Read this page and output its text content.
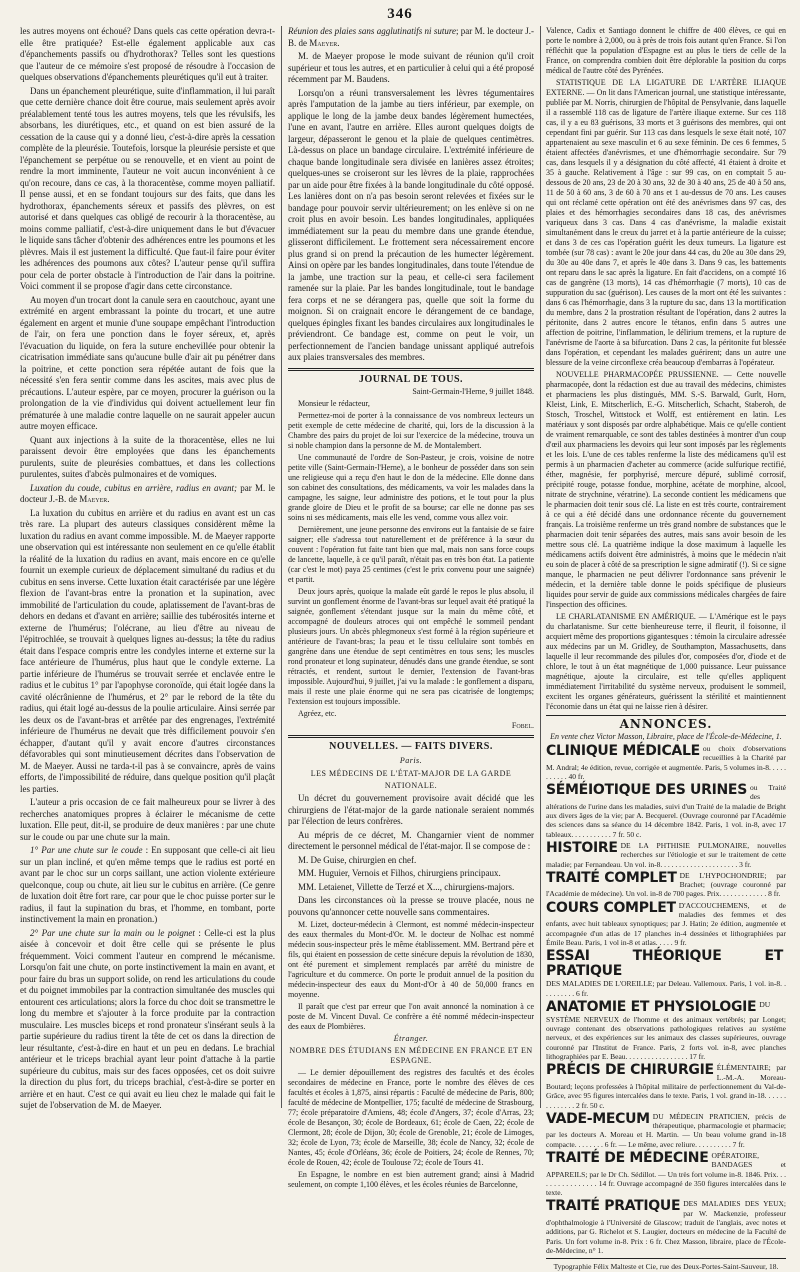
346

les autres moyens ont échoué? Dans quels cas cette opération devra-t-elle être pratiquée? Est-elle également applicable aux cas d'épanchements passifs ou d'hydrothorax? Telles sont les questions que l'auteur de ce mémoire s'est proposé de résoudre à l'occasion de quelques observations d'épanchements pleurétiques qu'il eut à traiter.

Dans un épanchement pleurétique, suite d'inflammation, il lui paraît que cette dernière chance doit être courue, mais seulement après avoir préalablement tenté tous les autres moyens, tels que les révulsifs, les absorbans, les diurétiques, etc., et quand on est bien assuré de la cessation de la cause qui y a donné lieu, c'est-à-dire après la cessation complète de la pleurésie. Toutefois, lorsque la pleurésie persiste et que l'épanchement se perpétue ou se renouvelle, et en vient au point de rendre la mort imminente, l'auteur ne voit aucun inconvénient à ce qu'on recoure, dans ce cas, à la thoracentèse, comme moyen palliatif. Il pense aussi, et en se fondant toujours sur des faits, que dans les hydrothorax, épanchements séreux et passifs des plèvres, on est autorisé et dans quelques cas obligé de recourir à la thoracentèse, au moins comme palliatif, c'est-à-dire uniquement dans le but d'évacuer le liquide sans tâcher d'obtenir des adhérences entre les poumons et les plèvres. Mais il est justement la difficulté. Que faut-il faire pour éviter les adhérences des poumons aux côtes? L'auteur pense qu'il suffira pour cela de porter obstacle à l'introduction de l'air dans la poitrine. Voici comment il se propose d'agir dans cette circonstance.

Au moyen d'un trocart dont la canule sera en caoutchouc, ayant une extrémité en argent embrassant la pointe du trocart, et une autre également en argent et munie d'une soupape empêchant l'introduction de l'air, on fera une ponction dans le foyer séreux, et, après l'évacuation du liquide, on fera la suture enchevillée pour obtenir la cicatrisation immédiate sans qu'aucune bulle d'air ait pu pénétrer dans la poitrine, et cette ponction sera répétée autant de fois que la nécessité s'en fera sentir comme dans les ascites, mais avec plus de précautions. L'auteur espère, par ce moyen, procurer la guérison ou la prolongation de la vie d'individus qui doivent actuellement leur fin prématurée à une maladie contre laquelle on ne saurait appeler aucun autre moyen efficace.

Quant aux injections à la suite de la thoracentèse, elles ne lui paraissent devoir être employées que dans les épanchements purulents, suite de pleurésies combattues, et dans les collections purulentes, suites d'abcès pulmonaires et de vomiques.

Luxation du coude, cubitus en arrière, radius en avant; par M. le docteur J.-B. de Maeyer.

La luxation du cubitus en arrière et du radius en avant est un cas très rare. La plupart des auteurs classiques considèrent même la luxation du radius en avant comme impossible. M. de Maeyer rapporte une observation qui est intéressante non seulement en ce qu'elle établit la réalité de la luxation du radius en avant, mais encore en ce qu'elle fournit un exemple curieux de déplacement simultané du radius et du cubitus en sens inverse. Cette luxation était caractérisée par une légère flexion de l'avant-bras entre la pronation et la supination, avec immobilité de l'articulation du coude, aplatissement de l'avant-bras de dehors en dedans et d'avant en arrière; saillie des tubérosités interne et externe de l'humérus; l'olécrane, au lieu d'être au niveau de l'épitrochlée, se trouvait à quelques lignes au-dessus; la tête du radius était dans l'espace compris entre les condyles interne et externe sur la face antérieure de l'humérus, plus haut que le condyle externe. La partie inférieure de l'humérus se trouvait serrée et enclavée entre le radius et le cubitus 1° par l'apophyse coronoïde, qui était logée dans la cavité olécrânienne de l'humérus, et 2° par le rebord de la tête du radius, qui était logé au-dessus de la poulie articulaire. Ainsi serrée par les deux os de l'avant-bras et arrêtée par des engrenages, l'extrémité inférieure de l'humérus ne devait que très difficilement pouvoir s'en échapper, d'autant qu'il y avait encore d'autres circonstances défavorables qui sont minutieusement décrites dans l'observation de M. de Maeyer. Aussi ne tarda-t-il pas à se convaincre, après de vains efforts, de l'impossibilité de réduire, dans quelque position qu'il plaçât les parties.

L'auteur a pris occasion de ce fait malheureux pour se livrer à des recherches anatomiques propres à éclairer le mécanisme de cette luxation. Elle peut, dit-il, se produire de deux manières : par une chute sur le coude ou par une chute sur la main.

1° Par une chute sur le coude : En supposant que celle-ci ait lieu sur un plan incliné, et qu'en même temps que le radius est porté en avant par le choc sur un corps saillant, une action violente extérieure quelconque, coup ou chute, ait lieu sur le cubitus en arrière. (Ce genre de luxation doit être fort rare, car pour que le choc puisse porter sur le radius, il faut la supination du bras, et l'homme, en tombant, porte instinctivement la main en pronation.)

2° Par une chute sur la main ou le poignet : Celle-ci est la plus aisée à concevoir et doit être celle qui se présente le plus fréquemment. Voici comment l'auteur en comprend le mécanisme. Lorsqu'on fait une chute, on porte instinctivement la main en avant, et pour faire du bras un support solide, on rend les articulations du coude et du poignet immobiles par la contraction simultanée des muscles qui entourent ces articulations; alors la force du choc doit se transmettre le long du membre et s'ajouter à la force produite par la contraction musculaire. Les muscles biceps et rond pronateur s'insérant seuls à la partie supérieure du radius tirent la tête de cet os dans la direction de leur résultante, c'est-à-dire en haut et un peu en dedans. Le brachial antérieur et le triceps brachial ayant leur point d'attache à la partie supérieure du cubitus, mais sur des faces opposées, cet os doit suivre la direction du plus fort, du triceps brachial, c'est-à-dire se porter en arrière et en haut. C'est ce qui avait eu lieu chez le malade qui fait le sujet de l'observation de M. de Maeyer.

Réunion des plaies sans agglutinatifs ni suture; par M. le docteur J.-B. de Maeyer.

M. de Maeyer propose le mode suivant de réunion qu'il croit supérieur et tous les autres, et en particulier à celui qui a été proposé récemment par M. Baudens.

Lorsqu'on a réuni transversalement les lèvres tégumentaires après l'amputation de la jambe au tiers inférieur, par exemple, on applique le long de la jambe deux bandes légèrement humectées, l'une en avant, l'autre en arrière. Elles auront quelques doigts de largeur, dépasseront le genou et la plaie de quelques centimètres. Là-dessus on place un bandage circulaire. L'extrémité inférieure de chaque bande longitudinale sera divisée en lanières assez étroites; quelques-unes se croiseront sur les lèvres de la plaie, rapprochées par un aide pour être fixées à la bande longitudinale du côté opposé. Les lanières dont on n'a pas besoin seront relevées et fixées sur le bandage pour pouvoir servir ultérieurement; on les enlève si on ne croit plus en avoir besoin. Les bandes longitudinales, appliquées immédiatement sur la peau du membre dans une grande étendue, glisseront difficilement. Le frottement sera nécessairement encore plus grand si on prend la précaution de les humecter légèrement. Ainsi on opère par les bandes longitudinales, dans toute l'étendue de la jambe, une traction sur la peau, et celle-ci sera facilement ramenée sur la plaie. Par les bandes longitudinale, tout le bandage fera corps et ne se dérangera pas, quelle que soit la forme du moignon. Si on craignait encore le dérangement de ce bandage, quelques épingles fixant les bandes circulaires aux longitudinales le préviendront. Ce bandage est, comme on peut le voir, un perfectionnement de l'ancien bandage unissant appliqué autrefois aux plaies transversales des membres.

JOURNAL DE TOUS.

Saint-Germain-l'Herne, 9 juillet 1848.

Monsieur le rédacteur,

Permettez-moi de porter à la connaissance de vos nombreux lecteurs un petit exemple de cette médecine de charité, qui, lors de la discussion à la Chambre des pairs du projet de loi sur l'exercice de la médecine, trouva un si noble champion dans la personne de M. de Montalembert.

Une communauté de l'ordre de Son-Pasteur, je crois, voisine de notre petite ville (Saint-Germain-l'Herne), a le bonheur de posséder dans son sein une religieuse qui a reçu d'en haut le don de la médecine. Elle donne dans son cabinet des consultations, des médicaments, va voir les malades dans la campagne, les saigne, leur administre des potions, et le tout pour la plus grande gloire de Dieu et le profit de sa bourse; car elle ne donne pas ses soins ni ses médicaments, mais elle les vend, comme vous allez voir.

Dernièrement, une jeune personne des environs eut la fantaisie de se faire saigner; elle s'adressa tout naturellement et de préférence à la sœur du couvent : l'opération fut faite tant bien que mal, mais non sans force coups de lancette, laquelle, à ce qu'il paraît, n'était pas en très bon état. La patiente (car c'est le mot) paya 25 centimes (c'est le prix convenu pour une saignée) et partit.

Deux jours après, quoique la malade eût gardé le repos le plus absolu, il survint un gonflement énorme de l'avant-bras sur lequel avait été pratiqué la saignée, gonflement s'étendant jusque sur la main du même côté, et accompagné de douleurs atroces qui ont empêché le sommeil pendant plusieurs jours. Un abcès phlegmoneux s'est formé à la région supérieure et antérieure de l'avant-bras; la peau et le tissu cellulaire sont tombés en gangrène dans une étendue de sept centimètres en tous sens; les muscles rond pronateur et long supinateur, dénudés dans une grande étendue, se sont rétractés, et rendent, surtout le dernier, l'extension de l'avant-bras impossible. Aujourd'hui, 9 juillet, j'ai vu la malade : le gonflement a disparu, mais il reste une plaie énorme qui ne sera pas cicatrisée de longtemps; l'extension est toujours impossible.

Agréez, etc.

Fobel.

NOUVELLES. — FAITS DIVERS.
Paris.
LES MÉDECINS DE L'ÉTAT-MAJOR DE LA GARDE NATIONALE.

Un décret du gouvernement provisoire avait décidé que les chirurgiens de l'état-major de la garde nationale seraient nommés par l'élection de leurs confrères.

Au mépris de ce décret, M. Changarnier vient de nommer directement le personnel médical de l'état-major. Il se compose de :

M. De Guise, chirurgien en chef.

MM. Huguier, Vernois et Filhos, chirurgiens principaux.

MM. Letaienet, Villette de Terzé et X..., chirurgiens-majors.

Dans les circonstances où la presse se trouve placée, nous ne pouvons qu'annoncer cette nouvelle sans commentaires.

M. Lizet, docteur-médecin à Clermont, est nommé médecin-inspecteur des eaux thermales du Mont-d'Or. M. le docteur de Nolhac est nommé médecin sous-inspecteur près le même établissement. MM. Bertrand père et fils, qui étaient en possession de cette sinécure depuis la révolution de 1830, ont été purement et simplement remplacés par arrêté du ministre de l'agriculture et du commerce. On porte le produit annuel de la position du médecin-inspecteur des eaux du Mont-d'Or à 40 de 50,000 francs en moyenne.

Il paraît que c'est par erreur que l'on avait annoncé la nomination à ce poste de M. Vincent Duval. Ce confrère a été nommé médecin-inspecteur des eaux de Plombières.

Étranger.
NOMBRE DES ÉTUDIANS EN MÉDECINE EN FRANCE ET EN ESPAGNE.

— Le dernier dépouillement des registres des facultés et des écoles secondaires de médecine en France, porte le nombre des élèves de ces facultés et écoles à 1,875, ainsi répartis : Faculté de médecine de Paris, 800; faculté de médecine de Montpellier, 175; faculté de médecine de Strasbourg, 77; école préparatoire d'Amiens, 48; école d'Angers, 37; école d'Arras, 23; école de Besançon, 30; école de Bordeaux, 61; école de Caen, 22; école de Clermont, 28; école de Dijon, 30; école de Grenoble, 21; école de Limoges, 32; école de Lyon, 73; école de Marseille, 38; école de Nancy, 32; école de Nantes, 45; école d'Orléans, 36; école de Poitiers, 24; école de Rennes, 70; école de Rouen, 42; école de Toulouse 72; école de Tours 41.

En Espagne, le nombre en est bien autrement grand; ainsi à Madrid seulement, on compte 1,100 élèves, et les écoles réunies de Barcelonne,

Valence, Cadix et Santiago donnent le chiffre de 400 élèves, ce qui en porte le nombre à 2,000, ou à près de trois fois autant qu'en France. Si l'on réfléchit que la population d'Espagne est au plus le tiers de celle de la France, on comprendra combien doit être déplorable la position du corps médical de l'autre côté des Pyrénées.

STATISTIQUE DE LA LIGATURE DE L'ARTÈRE ILIAQUE EXTERNE. — On lit dans l'American journal, une statistique intéressante, publiée par M. Norris, chirurgien de l'hôpital de Pensylvanie, dans laquelle il a rassemblé 118 cas de ligature de l'artère iliaque externe. Sur ces 118 cas, il y a eu 83 guérisons, 33 morts et 3 guérisons des membres, qui ont cependant fini par guérir. Sur 113 cas dans lesquels le sexe était noté, 107 appartenaient au sexe masculin et 6 au sexe féminin. De ces 6 femmes, 5 étaient affectées d'anévrismes, et une d'hémorrhagie secondaire. Sur 79 cas, dans lesquels il y a désignation du côté affecté, 41 étaient à droite et 35 à gauche. Relativement à l'âge : sur 99 cas, on en comptait 5 au-dessous de 20 ans, 23 de 20 à 30 ans, 32 de 30 à 40 ans, 25 de 40 à 50 ans, 11 de 50 à 60 ans, 3 de 60 à 70 ans et 1 au-dessus de 70 ans. Les causes qui ont réclamé cette opération ont été des anévrismes dans 97 cas, des plaies et des hémorrhagies secondaires dans 18 cas, des anévrismes variqueux dans 3 cas. Dans 4 cas d'anévrisme, la maladie existait simultanément dans le creux du jarret et à la partie antérieure de la cuisse; et dans 3 de ces cas l'opération guérit les deux tumeurs. La ligature est tombée (sur 78 cas) : avant le 20e jour dans 44 cas, du 20e au 30e dans 29, du 30e au 40e dans 7, et après le 40e dans 3. Dans 9 cas, les battements ont reparu dans le sac après la ligature. En fait d'accidens, on a compté 16 cas de gangrène (13 morts), 14 cas d'hémorrhagie (7 morts), 10 cas de suppuration du sac (guérison). Les causes de la mort ont été les suivantes : dans 6 cas l'hémorrhagie, dans 3 la rupture du sac, dans 13 la mortification du membre, dans 2 la prostration résultant de l'opération, dans 2 autres la péritonite, dans 2 autres encore le tétanos, enfin dans 5 autres une affection de poitrine, l'inflammation, le délirium tremens, et la rupture de l'anévrisme de l'aorte à sa bifurcation. Dans 2 cas, la péritonite fut blessée dans l'opération, et cependant les malades guérirent; dans un autre une blessure de la veine circonflexe créa beaucoup d'embarras à l'opérateur.

NOUVELLE PHARMACOPÉE PRUSSIENNE. — Cette nouvelle pharmacopée, dont la rédaction est due au travail des médecins, chimistes et pharmaciens les plus distingués, MM. S.-S. Barwald, Gurlt, Horn, Kleist, Link, E. Mitscherlich, E.-G. Mitscherlich, Schacht, Staberoh, de Stosch, Troschel, Wittstock et Wolff, est entièrement en latin. Les matériaux y sont disposés par ordre alphabétique. Mais ce qu'elle contient de vraiment remarquable, ce sont des tables destinées à montrer d'un coup d'œil aux pharmaciens les devoirs qui leur sont imposés par les règlements et les lois. L'une de ces tables renferme la liste des médicamens qu'il est permis à un pharmacien d'acheter au commerce (acide sulfurique rectifié, éther, magnésie, fer porphyrisé, mercure dépuré, sublimé corrosif, précipité rouge, potasse fondue, morphine, acétate de morphine, alcool, nitrate de strychnine, vératrine). La seconde contient les médicamens que le pharmacien doit tenir sous clé. La liste en est très courte, contrairement à ce qui a été décidé dans une ordonnance récente du gouvernement français. La troisième renferme un très grand nombre de substances que le pharmacien doit tenir séparées des autres, mais sans avoir besoin de les mettre sous clé. La quatrième indique la dose maximum à laquelle les médicamens actifs doivent être administrés, à moins que le médecin n'ait eu soin de placer à côté de sa prescription le signe admiratif (!). Si ce signe manque, le pharmacien ne peut délivrer l'ordonnance sans prévenir le médecin, et la dernière table donne le poids spécifique de plusieurs liquides pour servir de guide aux commissions médicales chargées de faire l'inspection des officines.

LE CHARLATANISME EN AMÉRIQUE. — L'Amérique est le pays du charlatanisme. Sur cette bienheureuse terre, il fleurit, il foisonne, il acquiert même des proportions gigantesques : témoin la circulaire adressée aux médecins par un M. Gridley, de Southampton, Massachusetts, dans laquelle il leur recommande des pilules d'or, composées d'or, d'iode et de chlore, le tout à un état magnétique de 1,000 puissance. Leur puissance magnétique, ajoute la circulaire, est telle qu'elles appliquent immédiatement l'irritabilité du système nerveux, produisent le sommeil, excitent les organes générateurs, guérissent la stérilité et maintiennent l'économie dans un état qui ne laisse rien à désirer.

ANNONCES.

En vente chez Victor Masson, Libraire, place de l'École-de-Médecine, 1.

CLINIQUE MÉDICALE ou choix d'observations recueillies à la Charité par M. Andral; 4e édition, revue, corrigée et augmentée. Paris, 5 volumes in-8. . . . . . . . . . . 40 fr.
SÉMÉIOTIQUE DES URINES ou Traité des altérations de l'urine dans les maladies, suivi d'un Traité de la maladie de Bright aux divers âges de la vie; par A. Becquerel. (Ouvrage couronné par l'Académie des sciences dans sa séance du 14 décembre 1842. Paris, 1 vol. in-8, avec 17 tableaux. . . . . . . . . . . 7 fr. 50 c.
HISTOIRE DE LA PHTHISIE PULMONAIRE, nouvelles recherches sur l'étiologie et sur le traitement de cette maladie; par Fernandeau. Un vol. in-8. . . . . . . . . . . . . . . . . . . . . 3 fr.
TRAITÉ COMPLET DE L'HYPOCHONDRIE; par Brachet; (ouvrage couronné par l'Académie de médecine). Un vol. in-8 de 700 pages. Prix. . . . . . . . . . . . . 8 fr.
COURS COMPLET D'ACCOUCHEMENS, et de maladies des femmes et des enfants, avec huit tableaux synoptiques; par J. Hatin; 2e édition, augmentée et accompagnée d'un atlas de 17 planches in-4 dessinées et lithographiées par Émile Beau. Paris, 1 vol in-8 et atlas. . . . . 9 fr.
ESSAI THÉORIQUE ET PRATIQUE
DES MALADIES DE L'OREILLE; par Deleau. Vallemoux. Paris, 1 vol. in-8. . . . . . . . . . 6 fr.
ANATOMIE ET PHYSIOLOGIE DU SYSTÈME NERVEUX de l'homme et des animaux vertébrés; par Longet; ouvrage contenant des observations pathologiques relatives au système nerveux, et des expériences sur les animaux des classes supérieures, ouvrage couronné par l'Institut de France. Paris, 2 forts vol. in-8, avec planches lithographiées par E. Beau. . . . . . . . . . . . . . . . . 17 fr.
PRÉCIS DE CHIRURGIE ÉLÉMENTAIRE; par L.-M.-A. Moreau-Boutard; leçons professées à l'hôpital militaire de perfectionnement du Val-de-Grâce, avec 95 figures intercalées dans le texte. Paris, 1 vol. grand in-18. . . . . . . . . . . . . . 2 fr. 50 c.
VADE-MECUM DU MÉDECIN PRATICIEN, précis de thérapeutique, pharmacologie et pharmacie; par les docteurs A. Moreau et H. Martin. — Un beau volume grand in-18 compacte. . . . . . . . 6 fr. — Le même, avec reliure. . . . . . . . . . 7 fr.
TRAITÉ DE MÉDECINE OPÉRATOIRE, BANDAGES et APPAREILS; par le Dr Ch. Sédillot. — Un très fort volume in-8. 1846. Prix. . . . . . . . . . . . . . . . 14 fr. Ouvrage accompagné de 350 figures intercalées dans le texte.
TRAITÉ PRATIQUE DES MALADIES DES YEUX; par W. Mackenzie, professeur d'ophthalmologie à l'Université de Glascow; traduit de l'anglais, avec notes et additions, par G. Richelot et S. Laugier, docteurs en médecine de la Faculté de Paris. Un fort volume in-8. Prix : 6 fr. Chez Masson, libraire, place de l'École-de-Médecine, n° 1.
Typographie Félix Malteste et Cie, rue des Deux-Portes-Saint-Sauveur, 18.
